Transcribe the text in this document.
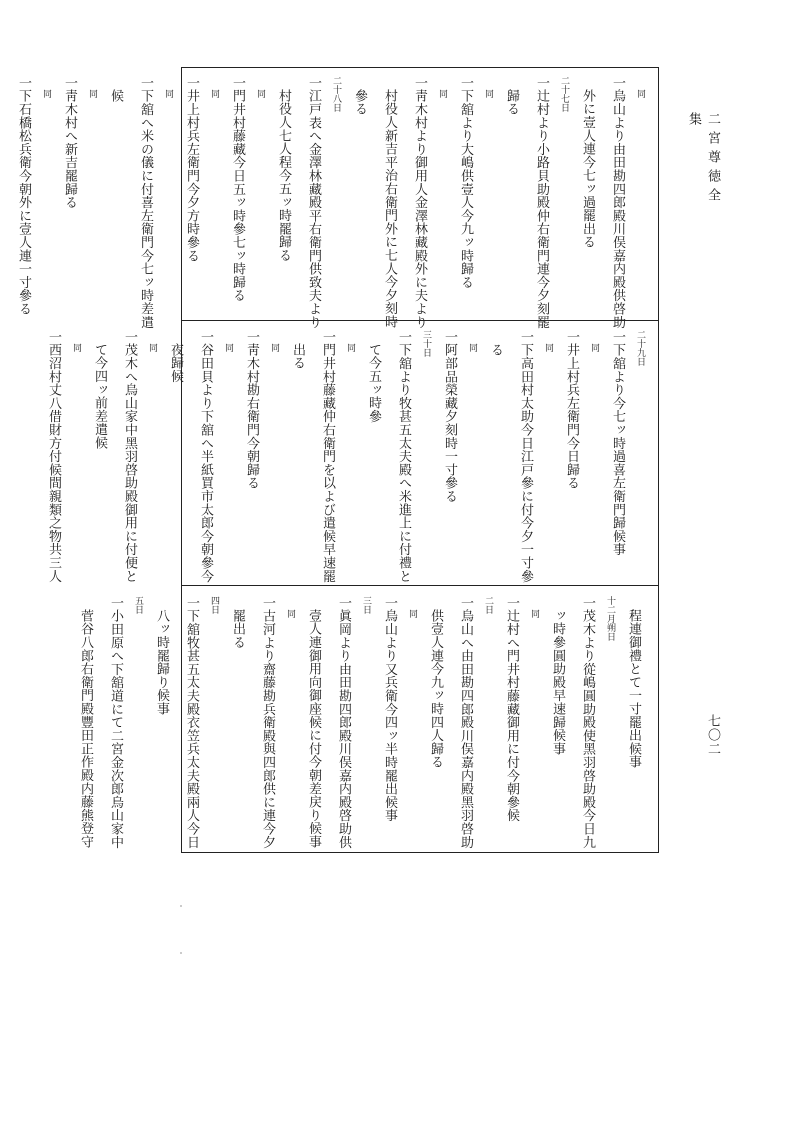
二宮尊徳全集
七〇二
同
一烏山より由田勘四郎殿川俣嘉内殿供啓助
外に壹人連今七ッ過罷出る
二十七日
一辻村より小路貝助殿仲右衛門連今夕刻罷
歸る
同
一下舘より大嶋供壹人今九ッ時歸る
同
一靑木村より御用人金澤林藏殿外に夫より
村役人新吉平治右衛門外に七人今夕刻時
參る
二十八日
一江戸表へ金澤林藏殿平右衛門供致夫より
村役人七人程今五ッ時罷歸る
同
一門井村藤藏今日五ッ時參七ッ時歸る
同
一井上村兵左衛門今夕方時參る
同
一下舘へ米の儀に付喜左衛門今七ッ時差遣
候
同
一靑木村へ新吉罷歸る
同
一下石橋松兵衛今朝外に壹人連一寸參る
二十九日
一下舘より今七ッ時過喜左衛門歸候事
同
一井上村兵左衛門今日歸る
同
一下高田村太助今日江戸參に付今夕一寸參
る
同
一阿部品榮藏夕刻時一寸參る
三十日
一下舘より牧甚五太夫殿へ米進上に付禮と
て今五ッ時參
同
一門井村藤藏仲右衛門を以よび遣候早速罷
出る
同
一靑木村勘右衛門今朝歸る
同
一谷田貝より下舘へ半紙買市太郎今朝參今
夜歸候
同
一茂木へ烏山家中黑羽啓助殿御用に付便と
て今四ッ前差遣候
同
一西沼村丈八借財方付候間親類之物共三人
程連御禮とて一寸罷出候事
十二月朔日
一茂木より從嶋圓助殿使黑羽啓助殿今日九
ッ時參圓助殿早速歸候事
同
一辻村へ門井村藤藏御用に付今朝參候
二日
一烏山へ由田勘四郎殿川俣嘉内殿黑羽啓助
供壹人連今九ッ時四人歸る
同
一烏山より又兵衛今四ッ半時罷出候事
三日
一眞岡より由田勘四郎殿川俣嘉内殿啓助供
壹人連御用向御座候に付今朝差戻り候事
同
一古河より齋藤勘兵衛殿與四郎供に連今夕
罷出る
四日
一下舘牧甚五太夫殿衣笠兵太夫殿兩人今日
八ッ時罷歸り候事
五日
一小田原へ下舘道にて二宮金次郎烏山家中
菅谷八郎右衛門殿豐田正作殿内藤熊登守
